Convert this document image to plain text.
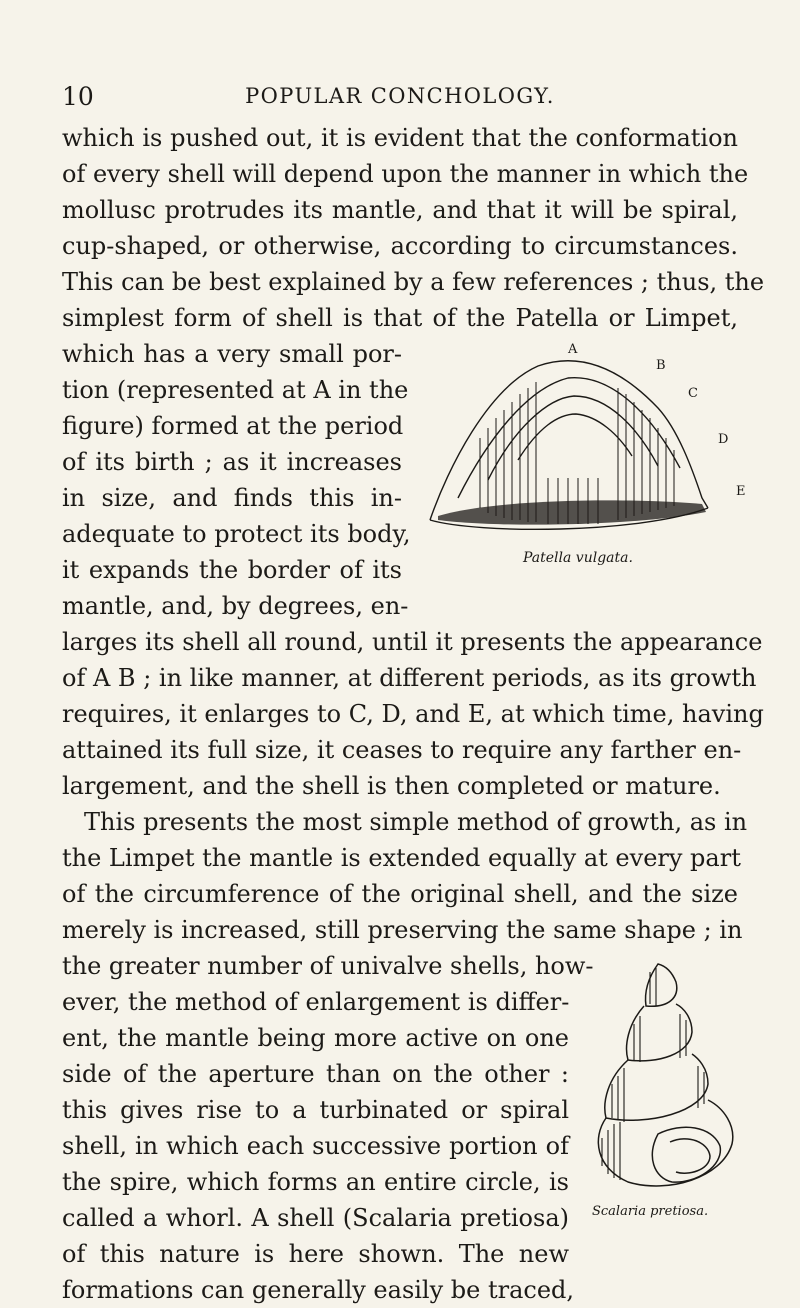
10	POPULAR CONCHOLOGY.
which is pushed out, it is evident that the conformation
of every shell will depend upon the manner in which the
mollusc protrudes its mantle, and that it will be spiral,
cup-shaped, or otherwise, according to circumstances.
This can be best explained by a few references ; thus, the
simplest form of shell is that of the Patella or Limpet,
which has a very small por-
tion (represented at A in the
figure) formed at the period
of its birth ; as it increases
in size, and finds this in-
adequate to protect its body,
it expands the border of its
mantle, and, by degrees, en-
larges its shell all round, until it presents the appearance
of A B ; in like manner, at different periods, as its growth
requires, it enlarges to C, D, and E, at which time, having
attained its full size, it ceases to require any farther en-
largement, and the shell is then completed or mature.
This presents the most simple method of growth, as in
the Limpet the mantle is extended equally at every part
of the circumference of the original shell, and the size
merely is increased, still preserving the same shape ; in
the greater number of univalve shells, how-
ever, the method of enlargement is differ-
ent, the mantle being more active on one
side of the aperture than on the other :
this gives rise to a turbinated or spiral
shell, in which each successive portion of
the spire, which forms an entire circle, is
called a whorl. A shell (Scalaria pretiosa)
of this nature is here shown. The new
formations can generally easily be traced,
A
B
C
D
E
Patella vulgata.
Scalaria pretiosa.
